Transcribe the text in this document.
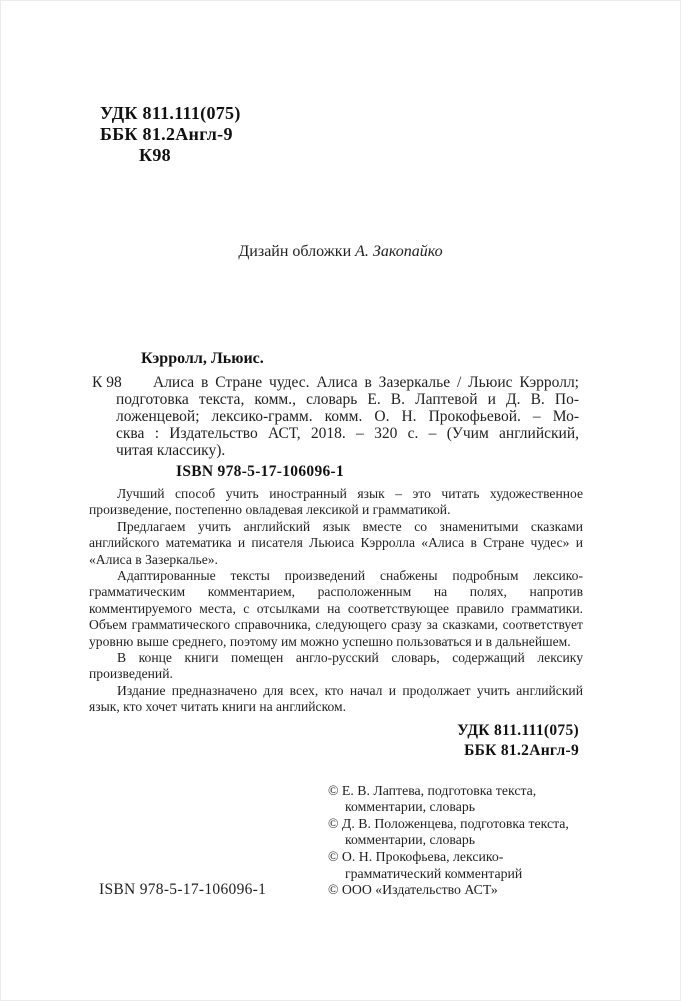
УДК 811.111(075)
ББК 81.2Англ-9
К98
Дизайн обложки А. Закопайко
Кэрролл, Льюис.
К 98	Алиса в Стране чудес. Алиса в Зазеркалье / Льюис Кэрролл;
подготовка текста, комм., словарь Е. В. Лаптевой и Д. В. По-
ложенцевой; лексико-грамм. комм. О. Н. Прокофьевой. – Мо-
сква : Издательство АСТ, 2018. – 320 с. – (Учим английский,
читая классику).
ISBN 978-5-17-106096-1
Лучший способ учить иностранный язык – это читать художественное произведение, постепенно овладевая лексикой и грамматикой.
Предлагаем учить английский язык вместе со знаменитыми сказками английского математика и писателя Льюиса Кэрролла «Алиса в Стране чудес» и «Алиса в Зазеркалье».
Адаптированные тексты произведений снабжены подробным лексико-грамматическим комментарием, расположенным на полях, напротив комментируемого места, с отсылками на соответствующее правило грамматики. Объем грамматического справочника, следующего сразу за сказками, соответствует уровню выше среднего, поэтому им можно успешно пользоваться и в дальнейшем.
В конце книги помещен англо-русский словарь, содержащий лексику произведений.
Издание предназначено для всех, кто начал и продолжает учить английский язык, кто хочет читать книги на английском.
УДК 811.111(075)
ББК 81.2Англ-9
© Е. В. Лаптева, подготовка текста, комментарии, словарь
© Д. В. Положенцева, подготовка текста, комментарии, словарь
© О. Н. Прокофьева, лексико-грамматический комментарий
© ООО «Издательство АСТ»
ISBN 978-5-17-106096-1
